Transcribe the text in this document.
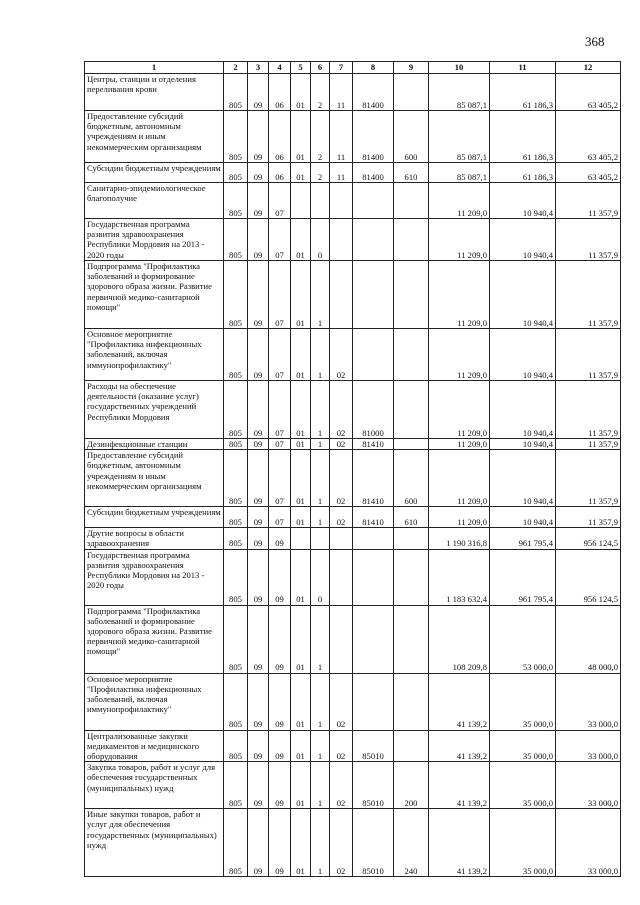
368
1	2	3	4	5	6	7	8	9	10	11	12
Центры, станции и отделения переливания крови	805	09	06	01	2	11	81400		85 087,1	61 186,3	63 405,2
Предоставление субсидий бюджетным, автономным учреждениям и иным некоммерческим организациям	805	09	06	01	2	11	81400	600	85 087,1	61 186,3	63 405,2
Субсидии бюджетным учреждениям	805	09	06	01	2	11	81400	610	85 087,1	61 186,3	63 405,2
Санитарно-эпидемиологическое благополучие	805	09	07						11 209,0	10 940,4	11 357,9
Государственная программа развития здравоохранения Республики Мордовия на 2013 - 2020 годы	805	09	07	01	0				11 209,0	10 940,4	11 357,9
Подпрограмма "Профилактика заболеваний и формирование здорового образа жизни. Развитие первичной медико-санитарной помощи"	805	09	07	01	1				11 209,0	10 940,4	11 357,9
Основное мероприятие "Профилактика инфекционных заболеваний, включая иммунопрофилактику"	805	09	07	01	1	02			11 209,0	10 940,4	11 357,9
Расходы на обеспечение деятельности (оказание услуг) государственных учреждений Республики Мордовия	805	09	07	01	1	02	81000		11 209,0	10 940,4	11 357,9
Дезинфекционные станции	805	09	07	01	1	02	81410		11 209,0	10 940,4	11 357,9
Предоставление субсидий бюджетным, автономным учреждениям и иным некоммерческим организациям	805	09	07	01	1	02	81410	600	11 209,0	10 940,4	11 357,9
Субсидии бюджетным учреждениям	805	09	07	01	1	02	81410	610	11 209,0	10 940,4	11 357,9
Другие вопросы в области здравоохранения	805	09	09						1 190 316,8	961 795,4	956 124,5
Государственная программа развития здравоохранения Республики Мордовия на 2013 - 2020 годы	805	09	09	01	0				1 183 632,4	961 795,4	956 124,5
Подпрограмма "Профилактика заболеваний и формирование здорового образа жизни. Развитие первичной медико-санитарной помощи"	805	09	09	01	1				108 209,8	53 000,0	48 000,0
Основное мероприятие "Профилактика инфекционных заболеваний, включая иммунопрофилактику"	805	09	09	01	1	02			41 139,2	35 000,0	33 000,0
Централизованные закупки медикаментов и медицинского оборудования	805	09	09	01	1	02	85010		41 139,2	35 000,0	33 000,0
Закупка товаров, работ и услуг для обеспечения государственных (муниципальных) нужд	805	09	09	01	1	02	85010	200	41 139,2	35 000,0	33 000,0
Иные закупки товаров, работ и услуг для обеспечения государственных (муниципальных) нужд	805	09	09	01	1	02	85010	240	41 139,2	35 000,0	33 000,0
